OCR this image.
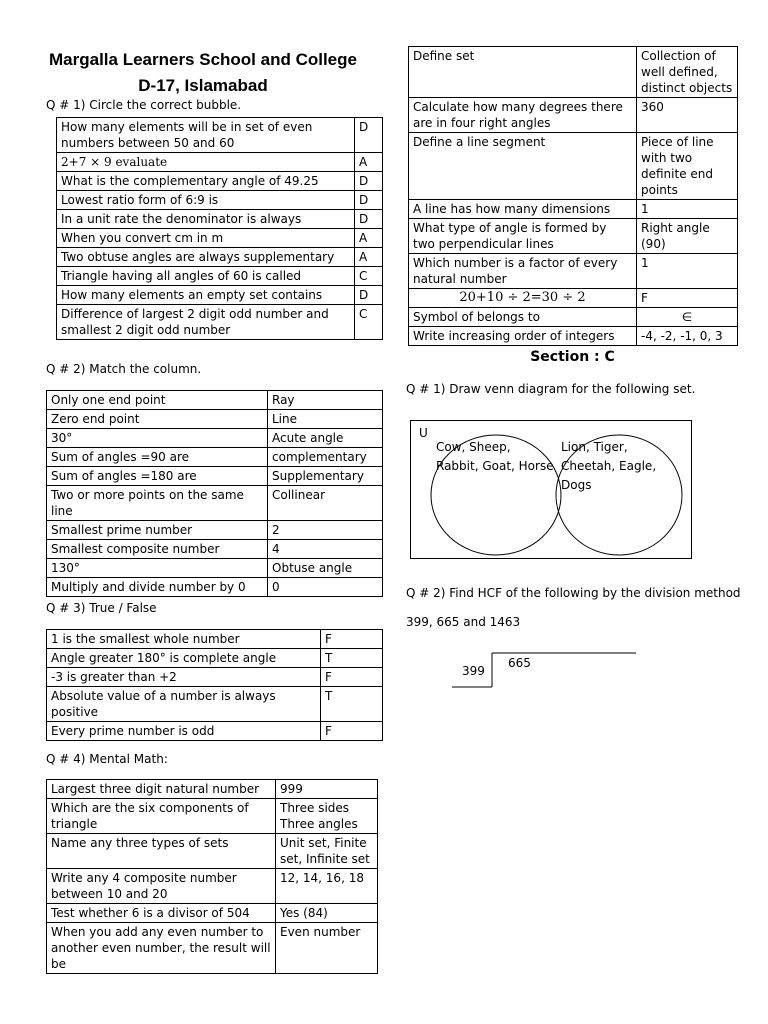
Margalla Learners School and College
D-17, Islamabad
Q # 1) Circle the correct bubble.
How many elements will be in set of even numbers between 50 and 60	D
2+7 × 9 evaluate	A
What is the complementary angle of 49.25	D
Lowest ratio form of 6:9 is	D
In a unit rate the denominator is always	D
When you convert cm in m	A
Two obtuse angles are always supplementary	A
Triangle having all angles of 60 is called	C
How many elements an empty set contains	D
Difference of largest 2 digit odd number and smallest 2 digit odd number	C
Q # 2) Match the column.
Only one end point	Ray
Zero end point	Line
30°	Acute angle
Sum of angles =90 are	complementary
Sum of angles =180 are	Supplementary
Two or more points on the same line	Collinear
Smallest prime number	2
Smallest composite number	4
130°	Obtuse angle
Multiply and divide number by 0	0
Q # 3) True / False
1 is the smallest whole number	F
Angle greater 180° is complete angle	T
-3 is greater than +2	F
Absolute value of a number is always positive	T
Every prime number is odd	F
Q # 4) Mental Math:
Largest three digit natural number	999
Which are the six components of triangle	Three sides Three angles
Name any three types of sets	Unit set, Finite set, Infinite set
Write any 4 composite number between 10 and 20	12, 14, 16, 18
Test whether 6 is a divisor of 504	Yes (84)
When you add any even number to another even number, the result will be	Even number
Define set	Collection of well defined, distinct objects
Calculate how many degrees there are in four right angles	360
Define a line segment	Piece of line with two definite end points
A line has how many dimensions	1
What type of angle is formed by two perpendicular lines	Right angle (90)
Which number is a factor of every natural number	1
20+10 ÷ 2=30 ÷ 2	F
Symbol of belongs to	∈
Write increasing order of integers	-4, -2, -1, 0, 3
Section : C
Q # 1) Draw venn diagram for the following set.
U
Cow, Sheep, Rabbit, Goat, Horse
Lion, Tiger, Cheetah, Eagle, Dogs
Q # 2) Find HCF of the following by the division method
399, 665 and 1463
399
665
